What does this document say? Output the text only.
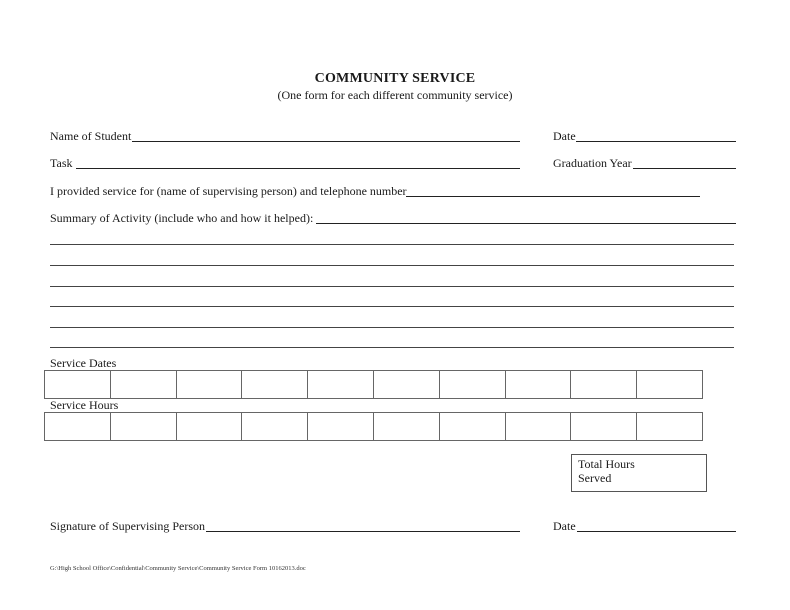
COMMUNITY SERVICE
(One form for each different community service)
Name of Student	Date
Task	Graduation Year
I provided service for (name of supervising person) and telephone number
Summary of Activity (include who and how it helped):
Service Dates
Service Hours
Total Hours
Served
Signature of Supervising Person	Date
G:\High School Office\Confidential\Community Service\Community Service Form 10162013.doc
